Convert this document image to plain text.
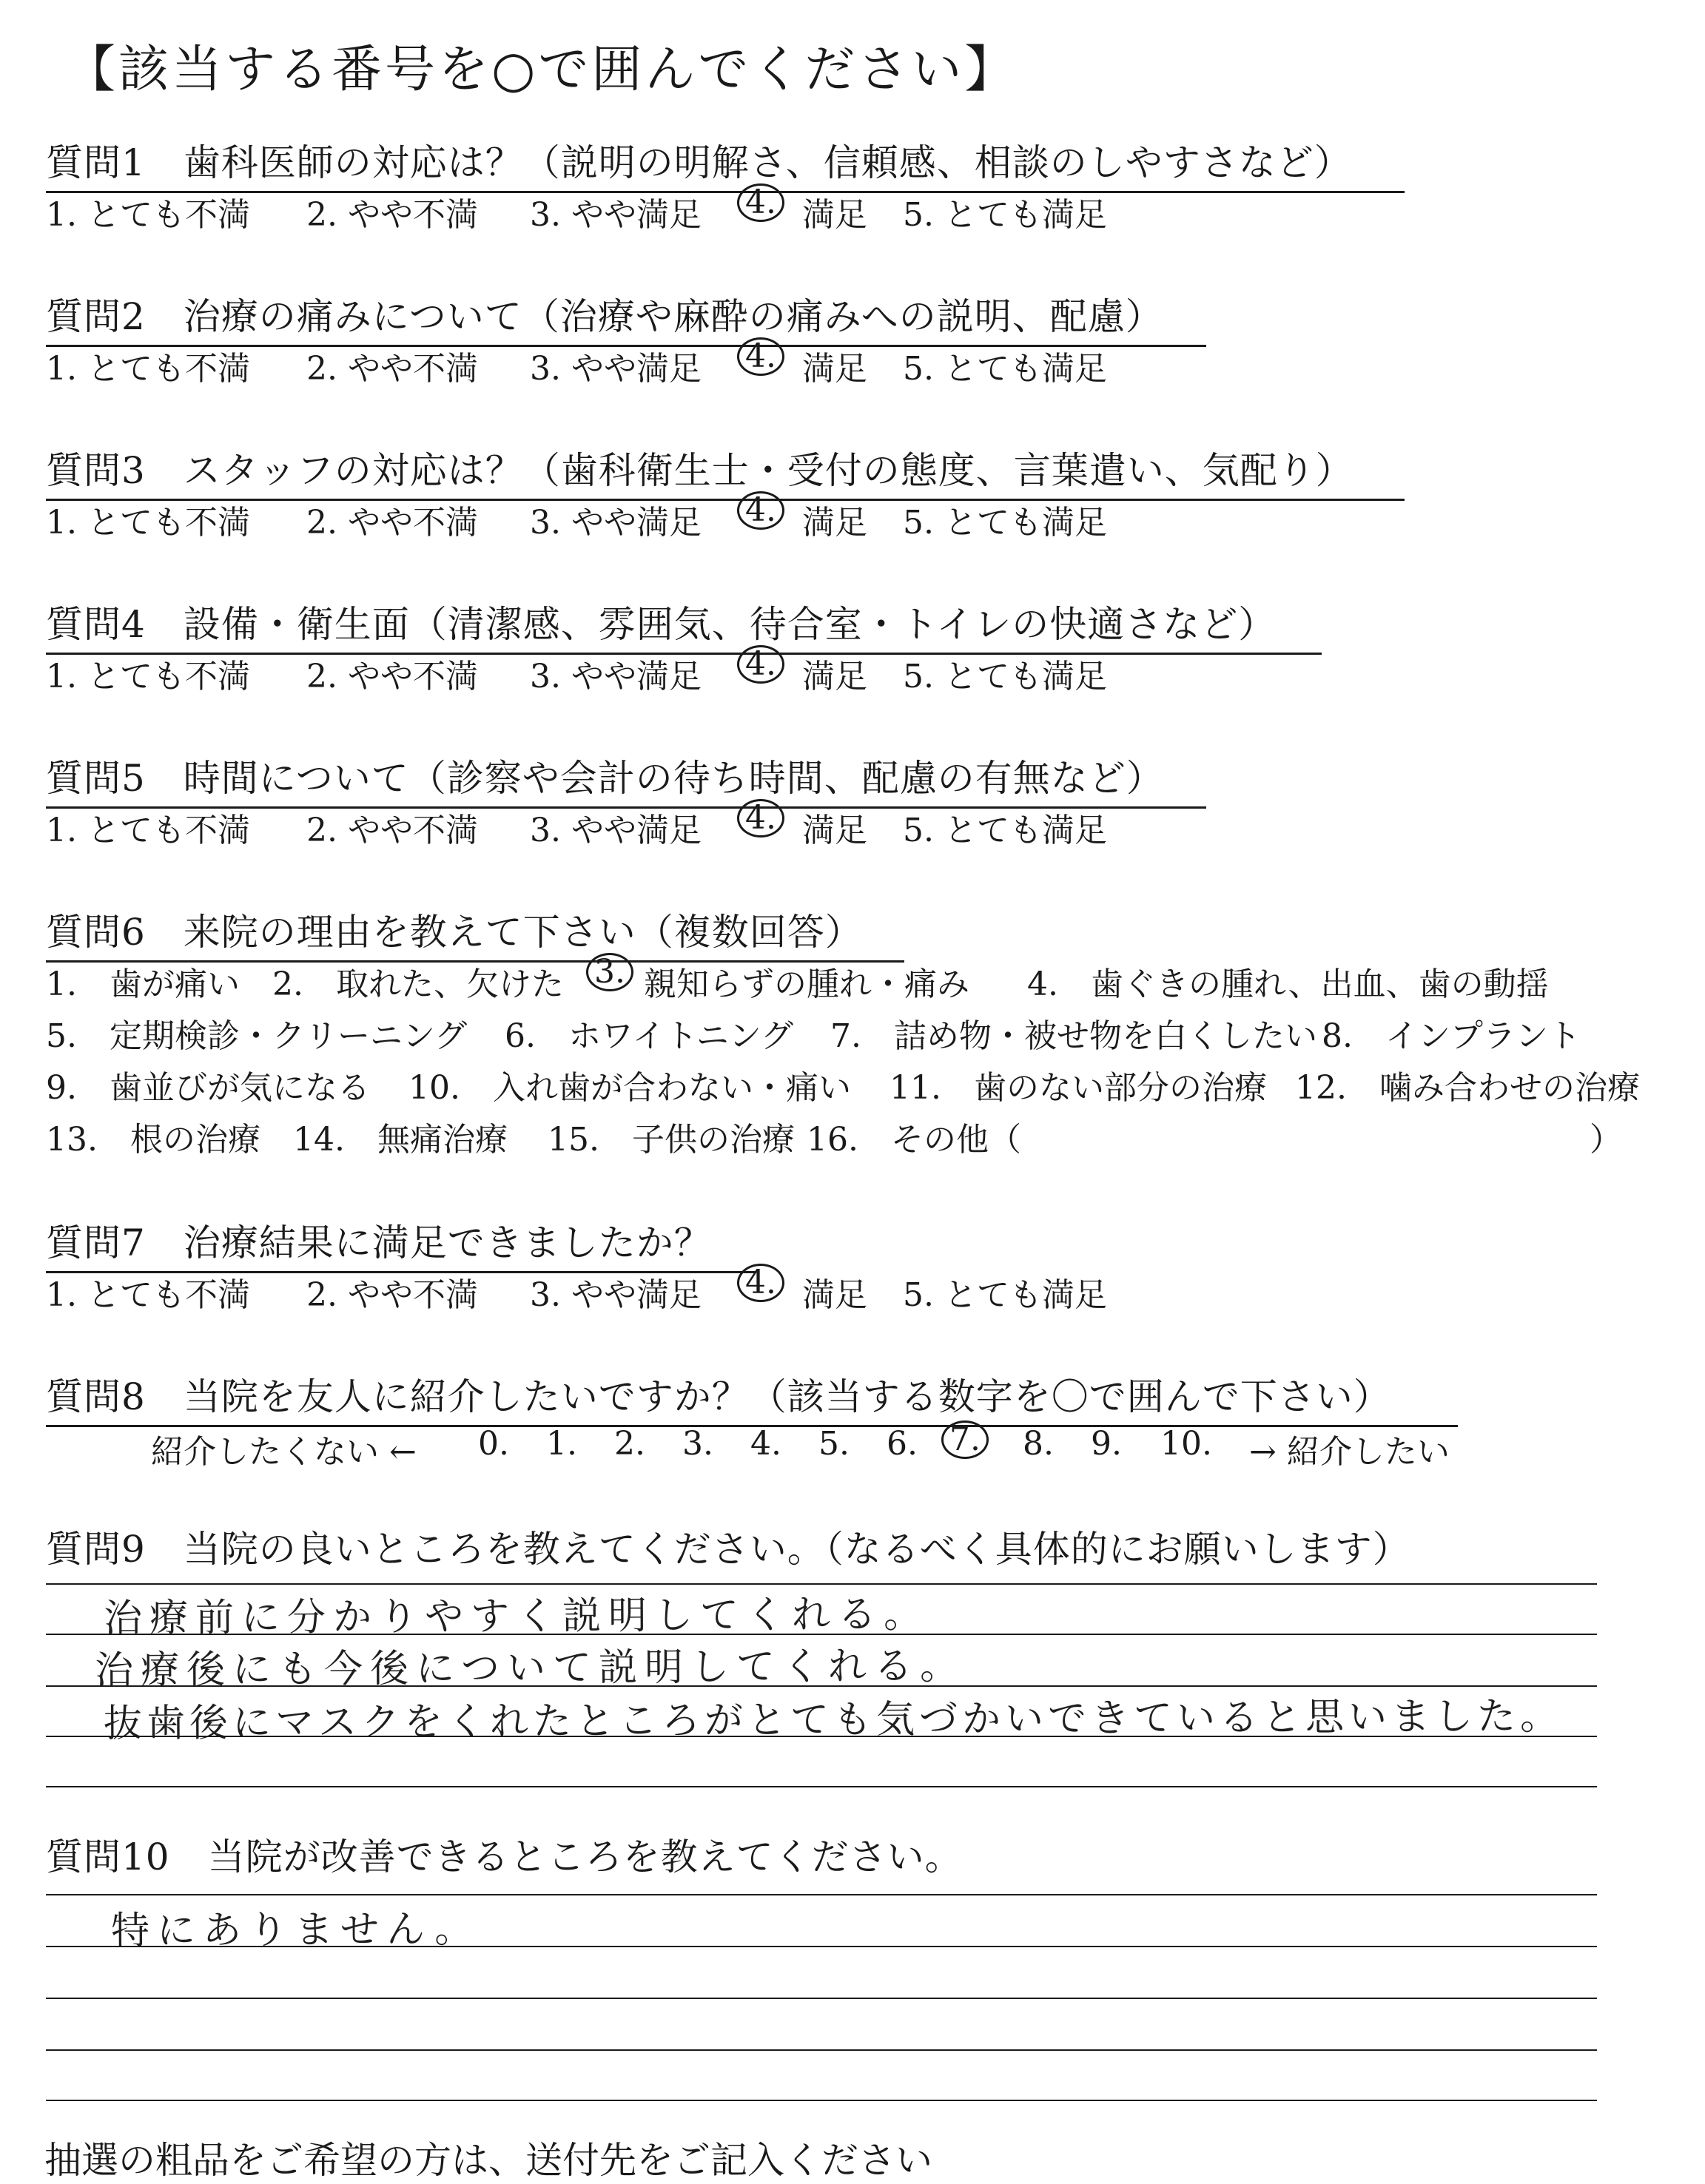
【該当する番号を○で囲んでください】
質問1　歯科医師の対応は？（説明の明解さ、信頼感、相談のしやすさなど）
1. とても不満 2. やや不満 3. やや満足 4. 満足 5. とても満足
質問2　治療の痛みについて（治療や麻酔の痛みへの説明、配慮）
1. とても不満 2. やや不満 3. やや満足 4. 満足 5. とても満足
質問3　スタッフの対応は？（歯科衛生士・受付の態度、言葉遣い、気配り）
1. とても不満 2. やや不満 3. やや満足 4. 満足 5. とても満足
質問4　設備・衛生面（清潔感、雰囲気、待合室・トイレの快適さなど）
1. とても不満 2. やや不満 3. やや満足 4. 満足 5. とても満足
質問5　時間について（診察や会計の待ち時間、配慮の有無など）
1. とても不満 2. やや不満 3. やや満足 4. 満足 5. とても満足
質問6　来院の理由を教えて下さい（複数回答）
1.　歯が痛い 2.　取れた、欠けた 3. 親知らずの腫れ・痛み 4.　歯ぐきの腫れ、出血、歯の動揺
5.　定期検診・クリーニング 6.　ホワイトニング 7.　詰め物・被せ物を白くしたい 8.　インプラント
9.　歯並びが気になる 10.　入れ歯が合わない・痛い 11.　歯のない部分の治療 12.　噛み合わせの治療
13.　根の治療 14.　無痛治療 15.　子供の治療 16.　その他（	）
質問7　治療結果に満足できましたか？
1. とても不満 2. やや不満 3. やや満足 4. 満足 5. とても満足
質問8　当院を友人に紹介したいですか？（該当する数字を〇で囲んで下さい）
紹介したくない ← 0. 1. 2. 3. 4. 5. 6. 7. 8. 9. 10. → 紹介したい
質問9　当院の良いところを教えてください。（なるべく具体的にお願いします）
治療前に分かりやすく説明してくれる。
治療後にも今後について説明してくれる。
抜歯後にマスクをくれたところがとても気づかいできていると思いました。
質問10　当院が改善できるところを教えてください。
特にありません。
抽選の粗品をご希望の方は、送付先をご記入ください
